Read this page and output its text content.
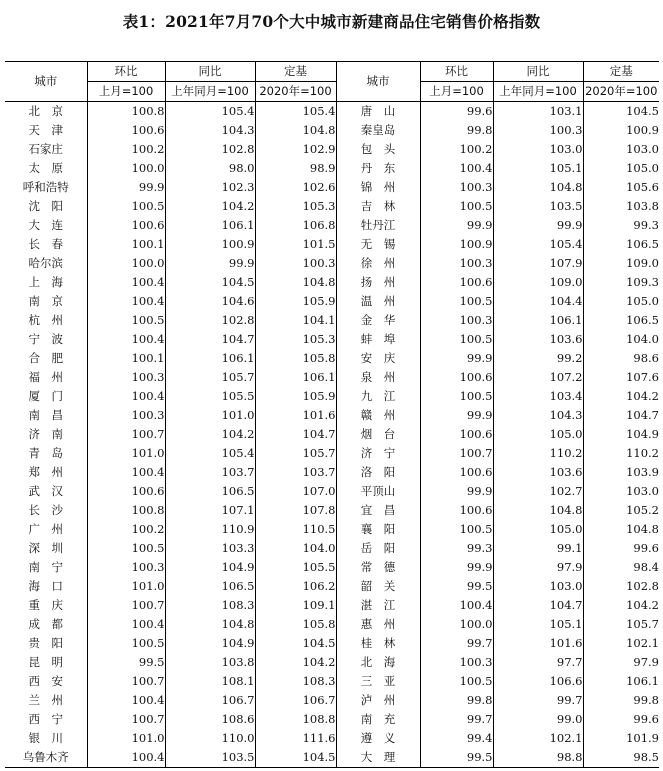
表1：2021年7月70个大中城市新建商品住宅销售价格指数
城市	环比	同比	定基	城市	环比	同比	定基
	上月=100	上年同月=100	2020年=100		上月=100	上年同月=100	2020年=100
北　京	100.8	105.4	105.4	唐　山	99.6	103.1	104.5
天　津	100.6	104.3	104.8	秦皇岛	99.8	100.3	100.9
石家庄	100.2	102.8	102.9	包　头	100.2	103.0	103.0
太　原	100.0	98.0	98.9	丹　东	100.4	105.1	105.0
呼和浩特	99.9	102.3	102.6	锦　州	100.3	104.8	105.6
沈　阳	100.5	104.2	105.3	吉　林	100.5	103.5	103.8
大　连	100.6	106.1	106.8	牡丹江	99.9	99.9	99.3
长　春	100.1	100.9	101.5	无　锡	100.9	105.4	106.5
哈尔滨	100.0	99.9	100.3	徐　州	100.3	107.9	109.0
上　海	100.4	104.5	104.8	扬　州	100.6	109.0	109.3
南　京	100.4	104.6	105.9	温　州	100.5	104.4	105.0
杭　州	100.5	102.8	104.1	金　华	100.3	106.1	106.5
宁　波	100.4	104.7	105.3	蚌　埠	100.5	103.6	104.0
合　肥	100.1	106.1	105.8	安　庆	99.9	99.2	98.6
福　州	100.3	105.7	106.1	泉　州	100.6	107.2	107.6
厦　门	100.4	105.5	105.9	九　江	100.5	103.4	104.2
南　昌	100.3	101.0	101.6	赣　州	99.9	104.3	104.7
济　南	100.7	104.2	104.7	烟　台	100.6	105.0	104.9
青　岛	101.0	105.4	105.7	济　宁	100.7	110.2	110.2
郑　州	100.4	103.7	103.7	洛　阳	100.6	103.6	103.9
武　汉	100.6	106.5	107.0	平顶山	99.9	102.7	103.0
长　沙	100.8	107.1	107.8	宜　昌	100.6	104.8	105.2
广　州	100.2	110.9	110.5	襄　阳	100.5	105.0	104.8
深　圳	100.5	103.3	104.0	岳　阳	99.3	99.1	99.6
南　宁	100.3	104.9	105.5	常　德	99.9	97.9	98.4
海　口	101.0	106.5	106.2	韶　关	99.5	103.0	102.8
重　庆	100.7	108.3	109.1	湛　江	100.4	104.7	104.2
成　都	100.4	104.8	105.8	惠　州	100.0	105.1	105.7
贵　阳	100.5	104.9	104.5	桂　林	99.7	101.6	102.1
昆　明	99.5	103.8	104.2	北　海	100.3	97.7	97.9
西　安	100.7	108.1	108.3	三　亚	100.5	106.6	106.1
兰　州	100.4	106.7	106.7	泸　州	99.8	99.7	99.8
西　宁	100.7	108.6	108.8	南　充	99.7	99.0	99.6
银　川	101.0	110.0	111.6	遵　义	99.4	102.1	101.9
乌鲁木齐	100.4	103.5	104.5	大　理	99.5	98.8	98.5
